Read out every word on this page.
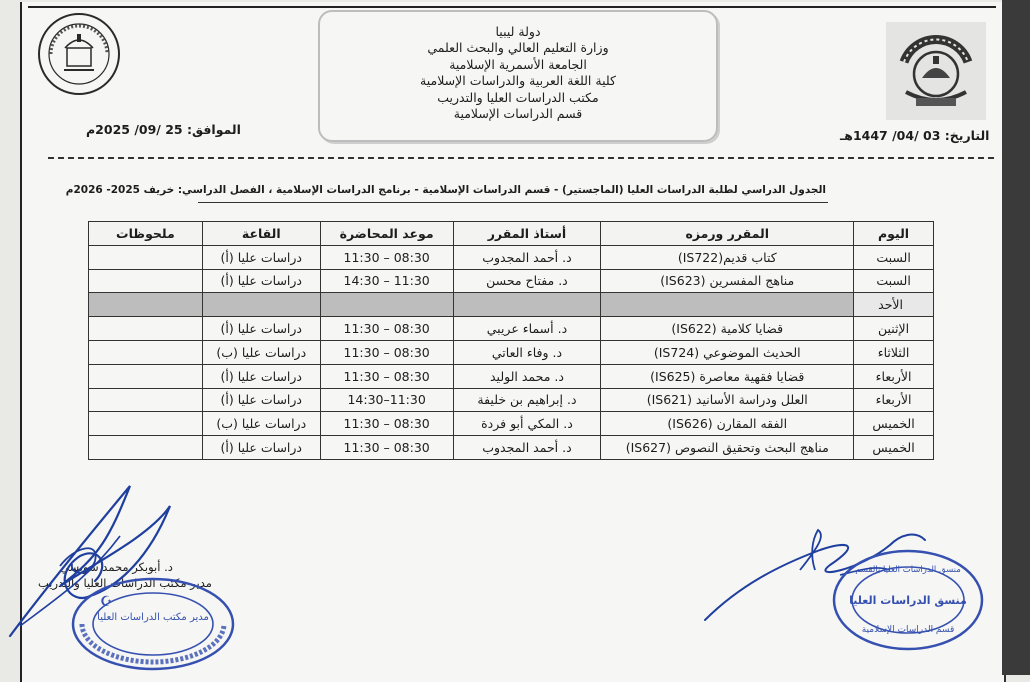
دولة ليبيا
وزارة التعليم العالي والبحث العلمي
الجامعة الأسمرية الإسلامية
كلية اللغة العربية والدراسات الإسلامية
مكتب الدراسات العليا والتدريب
قسم الدراسات الإسلامية
الموافق: 25 /09/ 2025م	التاريخ: 03 /04/ 1447هـ
الجدول الدراسي لطلبة الدراسات العليا (الماجستير) - قسم الدراسات الإسلامية - برنامج الدراسات الإسلامية ، الفصل الدراسي: خريف 2025- 2026م
اليوم	المقرر ورمزه	أستاذ المقرر	موعد المحاضرة	القاعة	ملحوظات
السبت	كتاب قديم(IS722)	د. أحمد المجدوب	08:30 – 11:30	دراسات عليا (أ)	
السبت	مناهج المفسرين (IS623)	د. مفتاح محسن	11:30 – 14:30	دراسات عليا (أ)	
الأحد					
الإثنين	قضايا كلامية (IS622)	د. أسماء عريبي	08:30 – 11:30	دراسات عليا (أ)	
الثلاثاء	الحديث الموضوعي (IS724)	د. وفاء العاتي	08:30 – 11:30	دراسات عليا (ب)	
الأربعاء	قضايا فقهية معاصرة (IS625)	د. محمد الوليد	08:30 – 11:30	دراسات عليا (أ)	
الأربعاء	العلل ودراسة الأسانيد (IS621)	د. إبراهيم بن خليفة	11:30–14:30	دراسات عليا (أ)	
الخميس	الفقه المقارن (IS626)	د. المكي أبو فردة	08:30 – 11:30	دراسات عليا (ب)	
الخميس	مناهج البحث وتحقيق النصوص (IS627)	د. أحمد المجدوب	08:30 – 11:30	دراسات عليا (أ)	
د. أبوبكر محمد سويسي
مدير مكتب الدراسات العليا والتدريب
مدير مكتب الدراسات العليا
☪
منسق الدراسات العليا بالقسم
منسق الدراسات العليا
قسم الدراسات الإسلامية
